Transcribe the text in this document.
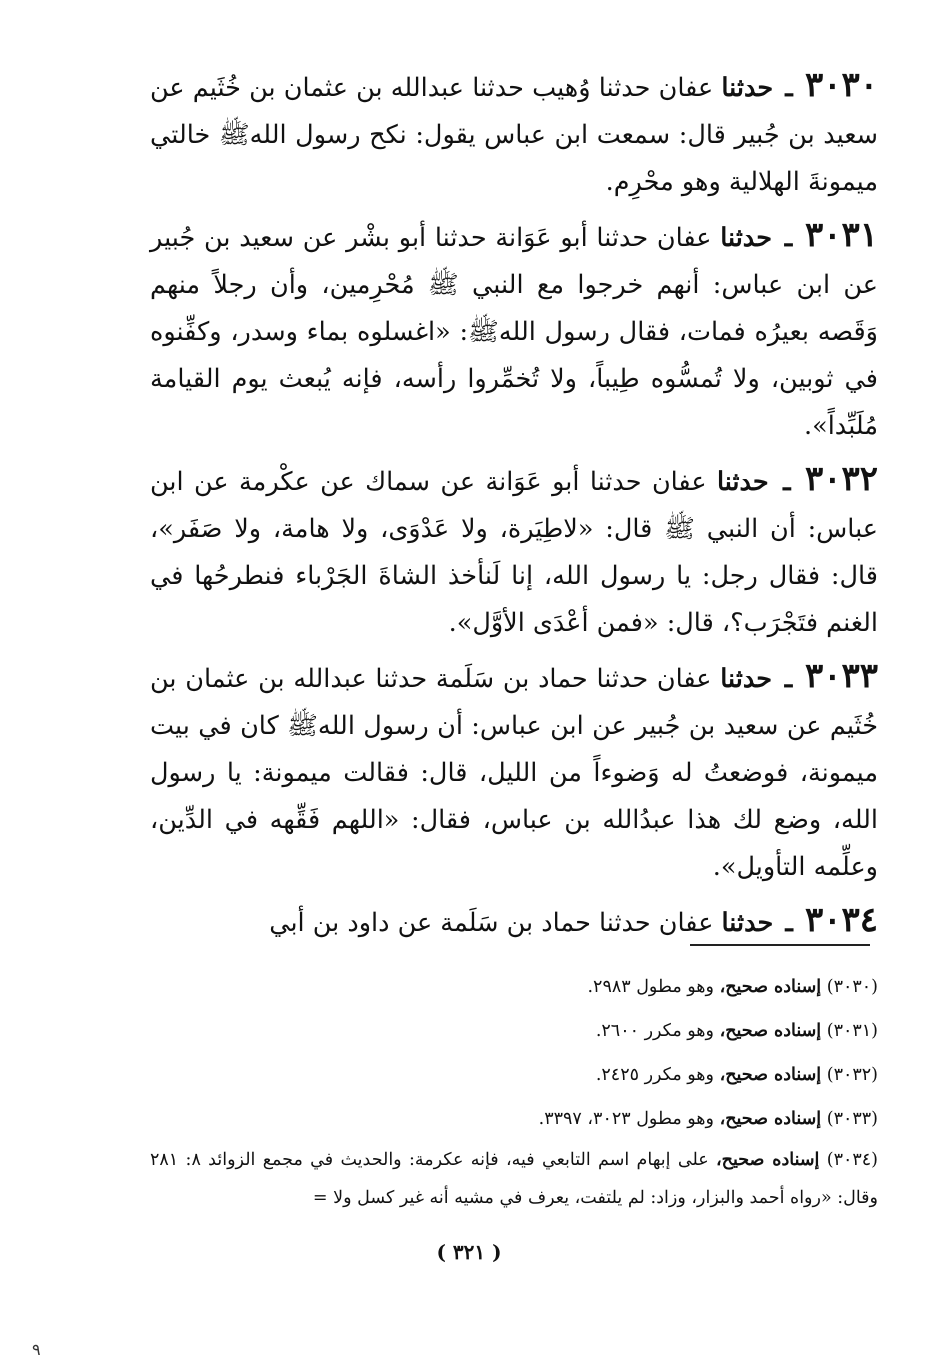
٣٠٣٠ ـ حدثنا عفان حدثنا وُهيب حدثنا عبدالله بن عثمان بن خُثَيم عن سعيد بن جُبير قال: سمعت ابن عباس يقول: نكح رسول اللهﷺ خالتي ميمونةَ الهلالية وهو محْرِم.

٣٠٣١ ـ حدثنا عفان حدثنا أبو عَوَانة حدثنا أبو بشْر عن سعيد بن جُبير عن ابن عباس: أنهم خرجوا مع النبي ﷺ مُحْرِمين، وأن رجلاً منهم وَقَصه بعيرُه فمات، فقال رسول اللهﷺ: «اغسلوه بماء وسدر، وكفِّنوه في ثوبين، ولا تُمسُّوه طِيباً، ولا تُخمِّروا رأسه، فإنه يُبعث يوم القيامة مُلَبِّداً».

٣٠٣٢ ـ حدثنا عفان حدثنا أبو عَوَانة عن سماك عن عكْرمة عن ابن عباس: أن النبي ﷺ قال: «لاطِيَرة، ولا عَدْوَى، ولا هامة، ولا صَفَر»، قال: فقال رجل: يا رسول الله، إنا لَنأخذ الشاةَ الجَرْباء فنطرحُها في الغنم فتَجْرَب؟، قال: «فمن أعْدَى الأوَّل».

٣٠٣٣ ـ حدثنا عفان حدثنا حماد بن سَلَمة حدثنا عبدالله بن عثمان بن خُثَيم عن سعيد بن جُبير عن ابن عباس: أن رسول اللهﷺ كان في بيت ميمونة، فوضعتُ له وَضوءاً من الليل، قال: فقالت ميمونة: يا رسول الله، وضع لك هذا عبدُالله بن عباس، فقال: «اللهم فَقِّهه في الدِّين، وعلِّمه التأويل».

٣٠٣٤ ـ حدثنا عفان حدثنا حماد بن سَلَمة عن داود بن أبي

(٣٠٣٠) إسناده صحيح، وهو مطول ٢٩٨٣.

(٣٠٣١) إسناده صحيح، وهو مكرر ٢٦٠٠.

(٣٠٣٢) إسناده صحيح، وهو مكرر ٢٤٢٥.

(٣٠٣٣) إسناده صحيح، وهو مطول ٣٠٢٣، ٣٣٩٧.

(٣٠٣٤) إسناده صحيح، على إبهام اسم التابعي فيه، فإنه عكرمة: والحديث في مجمع الزوائد ٨: ٢٨١ وقال: «رواه أحمد والبزار، وزاد: لم يلتفت، يعرف في مشيه أنه غير كسل ولا =

( ٣٢١ )
٩
